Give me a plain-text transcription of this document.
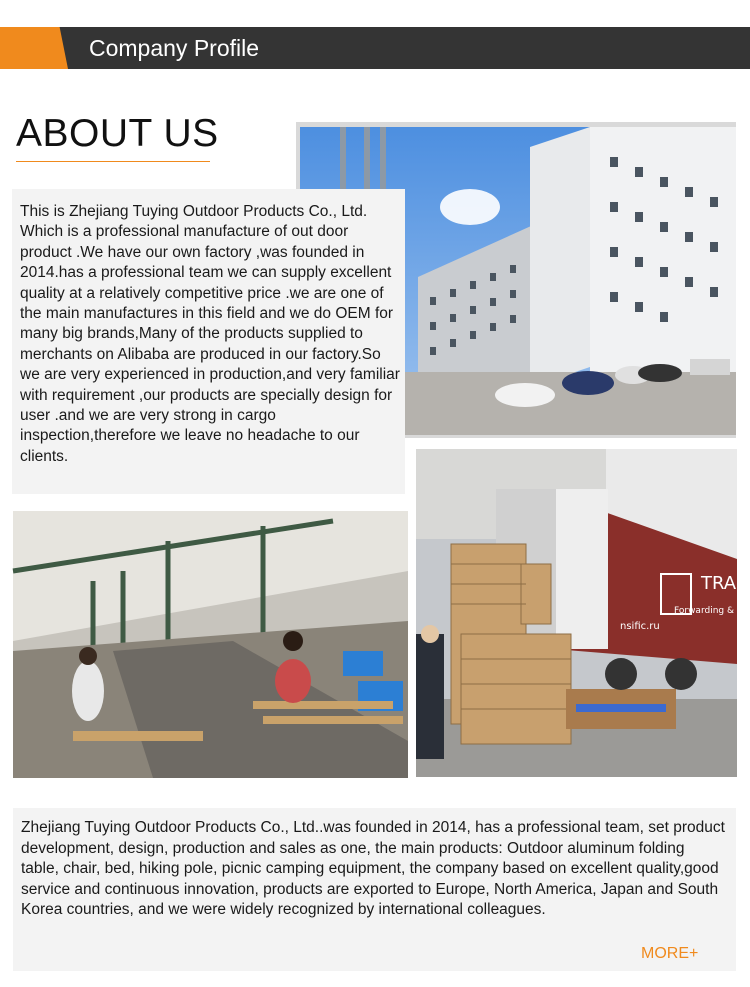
Company Profile
ABOUT US

This is Zhejiang Tuying Outdoor Products Co., Ltd. Which is a professional manufacture of out door product .We have our own factory ,was founded in 2014.has a professional team we can supply excellent quality at a relatively competitive price .we are one of the main manufactures in this field and we do OEM for many big brands,Many of the products supplied to merchants on Alibaba are produced in our factory.So we are very experienced in production,and very familiar with requirement ,our products are specially design for user .and we are very strong in cargo inspection,therefore we leave no headache to our clients.

TRAN
Forwarding &
nsific.ru

Zhejiang Tuying Outdoor Products Co., Ltd..was founded in 2014, has a professional team, set product development, design, production and sales as one, the main products: Outdoor aluminum folding table, chair, bed, hiking pole, picnic camping equipment, the company based on excellent quality,good service and continuous innovation, products are exported to Europe, North America, Japan and South Korea countries, and we were widely recognized by international colleagues.

MORE+
